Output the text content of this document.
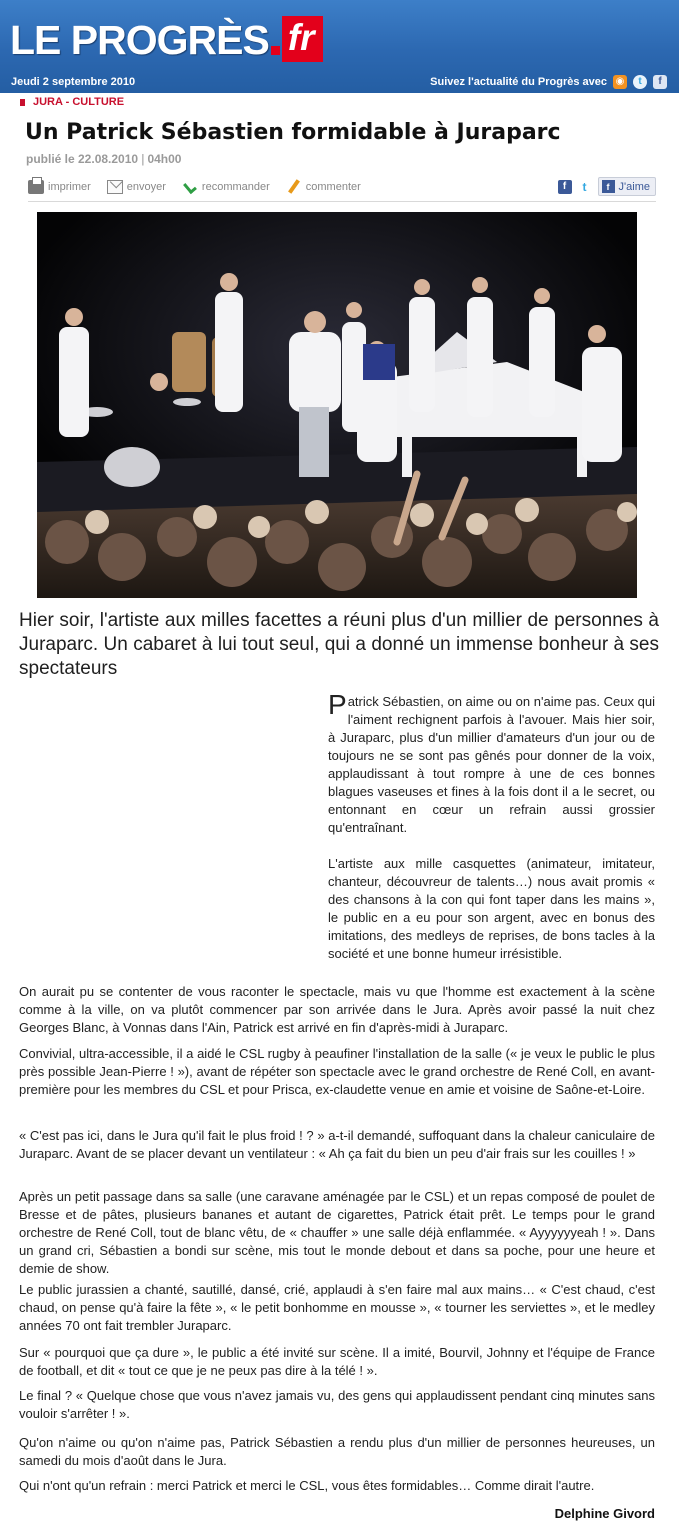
LE PROGRÈS fr
Jeudi 2 septembre 2010	Suivez l'actualité du Progrès avec ◉	t	f
JURA - CULTURE
Un Patrick Sébastien formidable à Juraparc
publié le 22.08.2010 | 04h00
imprimer	envoyer	recommander	commenter	f	t	f J'aime

Hier soir, l'artiste aux milles facettes a réuni plus d'un millier de personnes à Juraparc. Un cabaret à lui tout seul, qui a donné un immense bonheur à ses spectateurs

Patrick Sébastien, on aime ou on n'aime pas. Ceux qui l'aiment rechignent parfois à l'avouer. Mais hier soir, à Juraparc, plus d'un millier d'amateurs d'un jour ou de toujours ne se sont pas gênés pour donner de la voix, applaudissant à tout rompre à une de ces bonnes blagues vaseuses et fines à la fois dont il a le secret, ou entonnant en cœur un refrain aussi grossier qu'entraînant.

L'artiste aux mille casquettes (animateur, imitateur, chanteur, découvreur de talents…) nous avait promis « des chansons à la con qui font taper dans les mains », le public en a eu pour son argent, avec en bonus des imitations, des medleys de reprises, de bons tacles à la société et une bonne humeur irrésistible.

On aurait pu se contenter de vous raconter le spectacle, mais vu que l'homme est exactement à la scène comme à la ville, on va plutôt commencer par son arrivée dans le Jura. Après avoir passé la nuit chez Georges Blanc, à Vonnas dans l'Ain, Patrick est arrivé en fin d'après-midi à Juraparc.

Convivial, ultra-accessible, il a aidé le CSL rugby à peaufiner l'installation de la salle (« je veux le public le plus près possible Jean-Pierre ! »), avant de répéter son spectacle avec le grand orchestre de René Coll, en avant-première pour les membres du CSL et pour Prisca, ex-claudette venue en amie et voisine de Saône-et-Loire.

« C'est pas ici, dans le Jura qu'il fait le plus froid ! ? » a-t-il demandé, suffoquant dans la chaleur caniculaire de Juraparc. Avant de se placer devant un ventilateur : « Ah ça fait du bien un peu d'air frais sur les couilles ! »

Après un petit passage dans sa salle (une caravane aménagée par le CSL) et un repas composé de poulet de Bresse et de pâtes, plusieurs bananes et autant de cigarettes, Patrick était prêt. Le temps pour le grand orchestre de René Coll, tout de blanc vêtu, de « chauffer » une salle déjà enflammée. « Ayyyyyyeah ! ». Dans un grand cri, Sébastien a bondi sur scène, mis tout le monde debout et dans sa poche, pour une heure et demie de show.

Le public jurassien a chanté, sautillé, dansé, crié, applaudi à s'en faire mal aux mains… « C'est chaud, c'est chaud, on pense qu'à faire la fête », « le petit bonhomme en mousse », « tourner les serviettes », et le medley années 70 ont fait trembler Juraparc.

Sur « pourquoi que ça dure », le public a été invité sur scène. Il a imité, Bourvil, Johnny et l'équipe de France de football, et dit « tout ce que je ne peux pas dire à la télé ! ».

Le final ? « Quelque chose que vous n'avez jamais vu, des gens qui applaudissent pendant cinq minutes sans vouloir s'arrêter ! ».

Qu'on n'aime ou qu'on n'aime pas, Patrick Sébastien a rendu plus d'un millier de personnes heureuses, un samedi du mois d'août dans le Jura.

Qui n'ont qu'un refrain : merci Patrick et merci le CSL, vous êtes formidables… Comme dirait l'autre.

Delphine Givord
